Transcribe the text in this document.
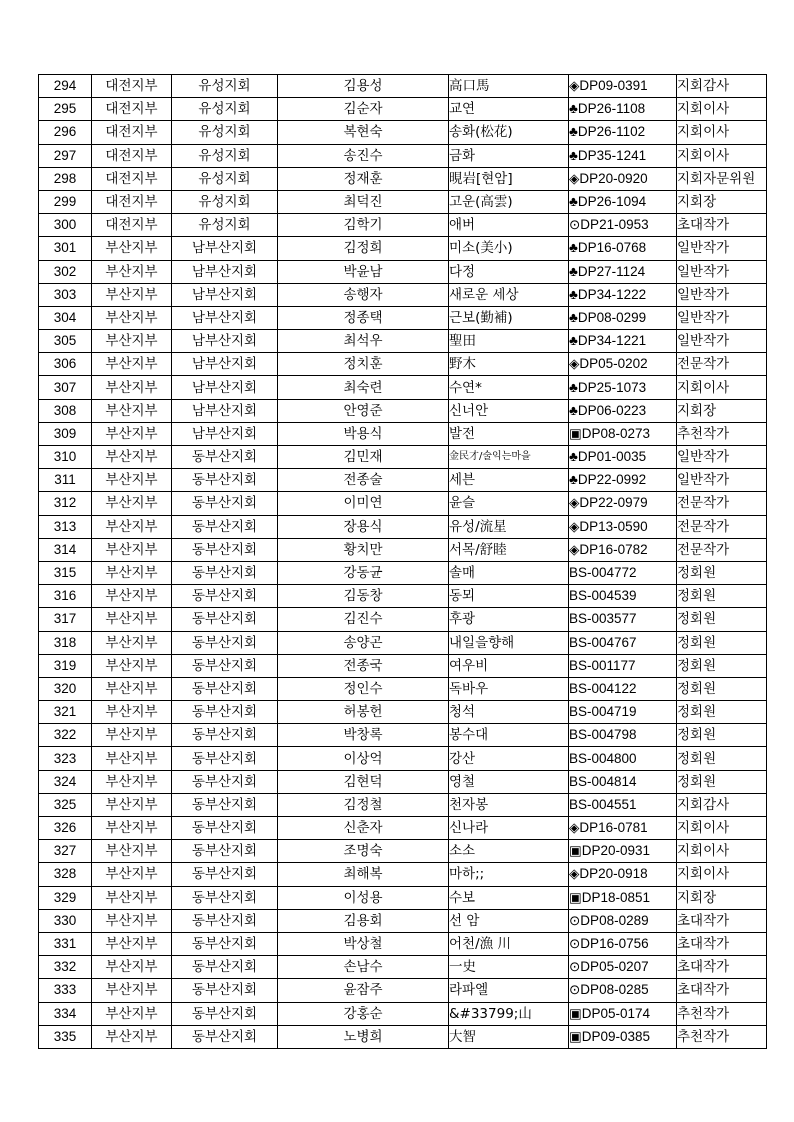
294	대전지부	유성지회	김용성	高口馬	◈DP09-0391	지회감사
295	대전지부	유성지회	김순자	교연	♣DP26-1108	지회이사
296	대전지부	유성지회	복현숙	송화(松花)	♣DP26-1102	지회이사
297	대전지부	유성지회	송진수	금화	♣DP35-1241	지회이사
298	대전지부	유성지회	정재훈	晛岩[현암]	◈DP20-0920	지회자문위원
299	대전지부	유성지회	최덕진	고운(高雲)	♣DP26-1094	지회장
300	대전지부	유성지회	김학기	애버	⊙DP21-0953	초대작가
301	부산지부	남부산지회	김정희	미소(美小)	♣DP16-0768	일반작가
302	부산지부	남부산지회	박윤남	다정	♣DP27-1124	일반작가
303	부산지부	남부산지회	송행자	새로운 세상	♣DP34-1222	일반작가
304	부산지부	남부산지회	정종택	근보(勤補)	♣DP08-0299	일반작가
305	부산지부	남부산지회	최석우	聖田	♣DP34-1221	일반작가
306	부산지부	남부산지회	정치훈	野木	◈DP05-0202	전문작가
307	부산지부	남부산지회	최숙련	수연*	♣DP25-1073	지회이사
308	부산지부	남부산지회	안영준	신너안	♣DP06-0223	지회장
309	부산지부	남부산지회	박용식	발전	▣DP08-0273	추천작가
310	부산지부	동부산지회	김민재	金民才/술익는마을	♣DP01-0035	일반작가
311	부산지부	동부산지회	전종술	세븐	♣DP22-0992	일반작가
312	부산지부	동부산지회	이미연	윤슬	◈DP22-0979	전문작가
313	부산지부	동부산지회	장용식	유성/流星	◈DP13-0590	전문작가
314	부산지부	동부산지회	황치만	서목/舒睦	◈DP16-0782	전문작가
315	부산지부	동부산지회	강동균	솔매	BS-004772	정회원
316	부산지부	동부산지회	김동창	동뫼	BS-004539	정회원
317	부산지부	동부산지회	김진수	후광	BS-003577	정회원
318	부산지부	동부산지회	송양곤	내일을향해	BS-004767	정회원
319	부산지부	동부산지회	전종국	여우비	BS-001177	정회원
320	부산지부	동부산지회	정인수	독바우	BS-004122	정회원
321	부산지부	동부산지회	허봉헌	청석	BS-004719	정회원
322	부산지부	동부산지회	박창록	봉수대	BS-004798	정회원
323	부산지부	동부산지회	이상억	강산	BS-004800	정회원
324	부산지부	동부산지회	김현덕	영철	BS-004814	정회원
325	부산지부	동부산지회	김정철	천자봉	BS-004551	지회감사
326	부산지부	동부산지회	신춘자	신나라	◈DP16-0781	지회이사
327	부산지부	동부산지회	조명숙	소소	▣DP20-0931	지회이사
328	부산지부	동부산지회	최해복	마하;;	◈DP20-0918	지회이사
329	부산지부	동부산지회	이성용	수보	▣DP18-0851	지회장
330	부산지부	동부산지회	김용회	선 암	⊙DP08-0289	초대작가
331	부산지부	동부산지회	박상철	어천/漁 川	⊙DP16-0756	초대작가
332	부산지부	동부산지회	손남수	一史	⊙DP05-0207	초대작가
333	부산지부	동부산지회	윤잠주	라파엘	⊙DP08-0285	초대작가
334	부산지부	동부산지회	강홍순	&#33799;山	▣DP05-0174	추천작가
335	부산지부	동부산지회	노병희	大智	▣DP09-0385	추천작가
